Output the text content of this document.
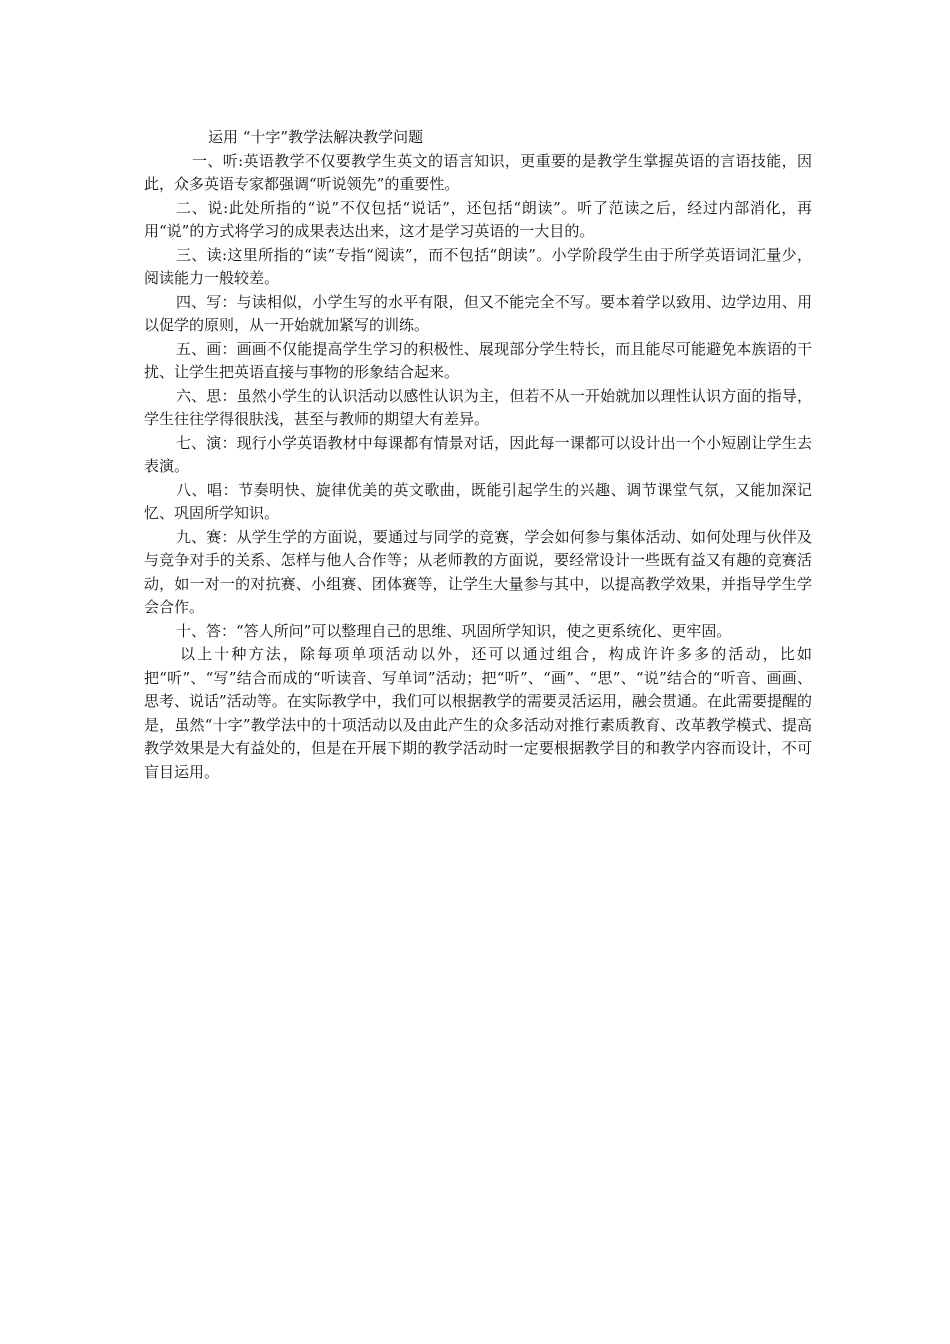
运用 “十字”教学法解决教学问题

一、听:英语教学不仅要教学生英文的语言知识，更重要的是教学生掌握英语的言语技能，因此，众多英语专家都强调“听说领先”的重要性。

二、说:此处所指的“说”不仅包括“说话”，还包括“朗读”。听了范读之后，经过内部消化，再用“说”的方式将学习的成果表达出来，这才是学习英语的一大目的。

三、读:这里所指的“读”专指“阅读”，而不包括“朗读”。小学阶段学生由于所学英语词汇量少，阅读能力一般较差。

四、写：与读相似，小学生写的水平有限，但又不能完全不写。要本着学以致用、边学边用、用以促学的原则，从一开始就加紧写的训练。

五、画：画画不仅能提高学生学习的积极性、展现部分学生特长，而且能尽可能避免本族语的干扰、让学生把英语直接与事物的形象结合起来。

六、思：虽然小学生的认识活动以感性认识为主，但若不从一开始就加以理性认识方面的指导，学生往往学得很肤浅，甚至与教师的期望大有差异。

七、演：现行小学英语教材中每课都有情景对话，因此每一课都可以设计出一个小短剧让学生去表演。

八、唱：节奏明快、旋律优美的英文歌曲，既能引起学生的兴趣、调节课堂气氛，又能加深记忆、巩固所学知识。

九、赛：从学生学的方面说，要通过与同学的竞赛，学会如何参与集体活动、如何处理与伙伴及与竞争对手的关系、怎样与他人合作等；从老师教的方面说，要经常设计一些既有益又有趣的竞赛活动，如一对一的对抗赛、小组赛、团体赛等，让学生大量参与其中，以提高教学效果，并指导学生学会合作。

十、答：“答人所问”可以整理自己的思维、巩固所学知识，使之更系统化、更牢固。

以上十种方法，除每项单项活动以外，还可以通过组合，构成许许多多的活动，比如把“听”、“写”结合而成的“听读音、写单词”活动；把“听”、“画”、“思”、“说”结合的“听音、画画、思考、说话”活动等。在实际教学中，我们可以根据教学的需要灵活运用，融会贯通。在此需要提醒的是，虽然“十字”教学法中的十项活动以及由此产生的众多活动对推行素质教育、改革教学模式、提高教学效果是大有益处的，但是在开展下期的教学活动时一定要根据教学目的和教学内容而设计，不可盲目运用。
